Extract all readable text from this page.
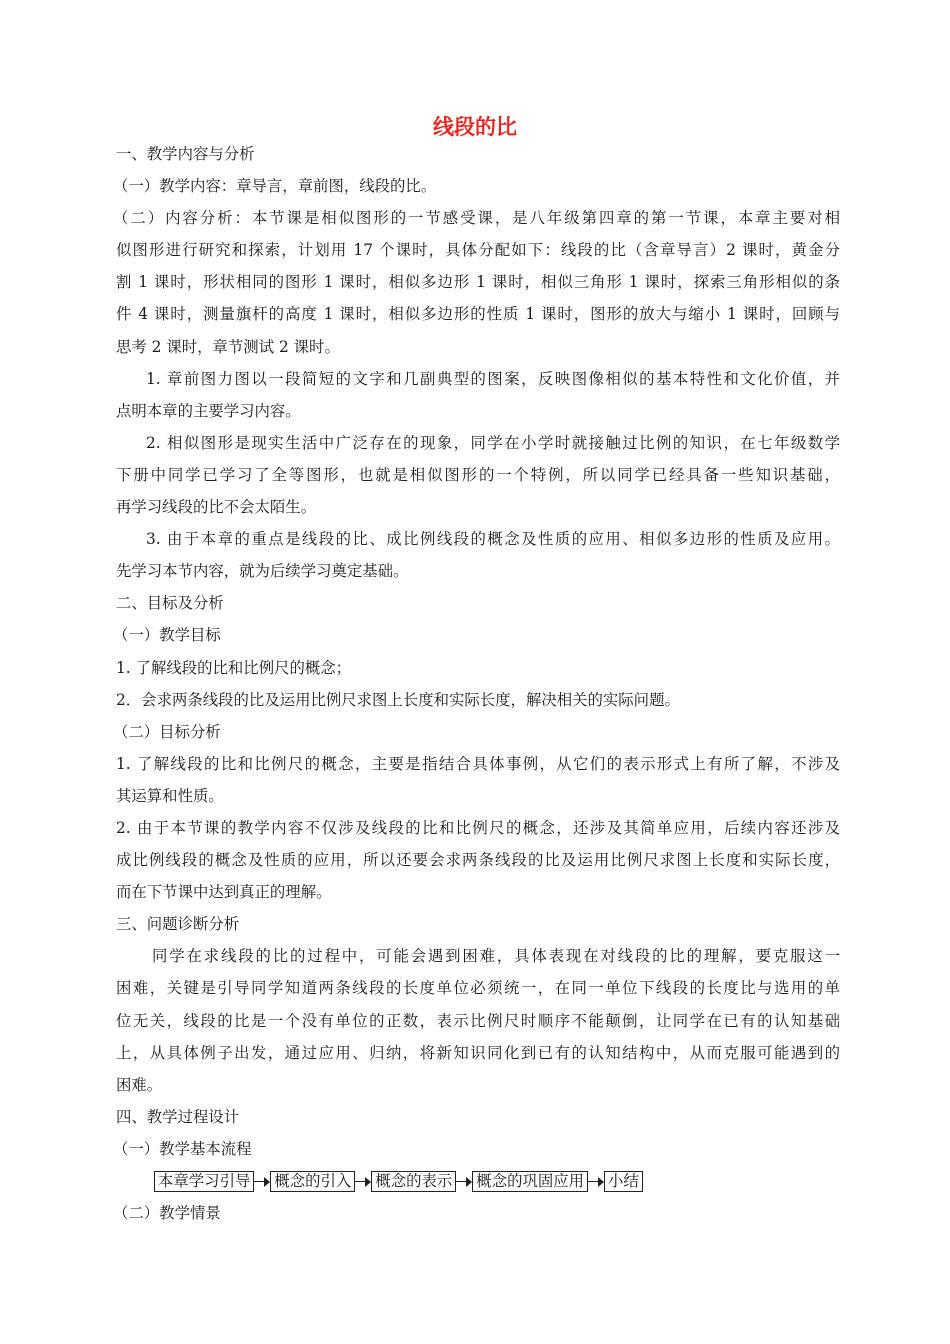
线段的比
一、教学内容与分析
（一）教学内容：章导言，章前图，线段的比。
（二）内容分析：本节课是相似图形的一节感受课，是八年级第四章的第一节课，本章主要对相
似图形进行研究和探索，计划用 17 个课时，具体分配如下：线段的比（含章导言）2 课时，黄金分
割 1 课时，形状相同的图形 1 课时，相似多边形 1 课时，相似三角形 1 课时，探索三角形相似的条
件 4 课时，测量旗杆的高度 1 课时，相似多边形的性质 1 课时，图形的放大与缩小 1 课时，回顾与
思考 2 课时，章节测试 2 课时。
1. 章前图力图以一段简短的文字和几副典型的图案，反映图像相似的基本特性和文化价值，并
点明本章的主要学习内容。
2. 相似图形是现实生活中广泛存在的现象，同学在小学时就接触过比例的知识，在七年级数学
下册中同学已学习了全等图形，也就是相似图形的一个特例，所以同学已经具备一些知识基础，
再学习线段的比不会太陌生。
3. 由于本章的重点是线段的比、成比例线段的概念及性质的应用、相似多边形的性质及应用。
先学习本节内容，就为后续学习奠定基础。
二、目标及分析
（一）教学目标
1. 了解线段的比和比例尺的概念；
2．会求两条线段的比及运用比例尺求图上长度和实际长度，解决相关的实际问题。
（二）目标分析
1. 了解线段的比和比例尺的概念，主要是指结合具体事例，从它们的表示形式上有所了解，不涉及
其运算和性质。
2. 由于本节课的教学内容不仅涉及线段的比和比例尺的概念，还涉及其简单应用，后续内容还涉及
成比例线段的概念及性质的应用，所以还要会求两条线段的比及运用比例尺求图上长度和实际长度，
而在下节课中达到真正的理解。
三、问题诊断分析
同学在求线段的比的过程中，可能会遇到困难，具体表现在对线段的比的理解，要克服这一
困难，关键是引导同学知道两条线段的长度单位必须统一，在同一单位下线段的长度比与选用的单
位无关，线段的比是一个没有单位的正数，表示比例尺时顺序不能颠倒，让同学在已有的认知基础
上，从具体例子出发，通过应用、归纳，将新知识同化到已有的认知结构中，从而克服可能遇到的
困难。
四、教学过程设计
（一）教学基本流程
本章学习引导 概念的引入 概念的表示 概念的巩固应用 小结
（二）教学情景
